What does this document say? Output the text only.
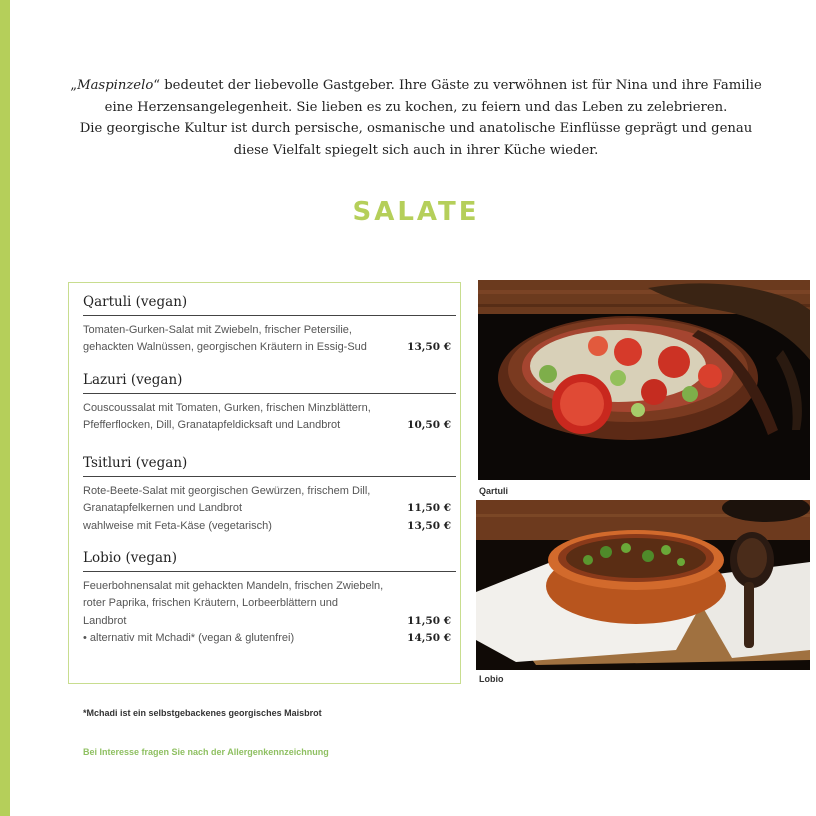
„Maspinzelo“ bedeutet der liebevolle Gastgeber. Ihre Gäste zu verwöhnen ist für Nina und ihre Familie

eine Herzensangelegenheit. Sie lieben es zu kochen, zu feiern und das Leben zu zelebrieren.

Die georgische Kultur ist durch persische, osmanische und anatolische Einflüsse geprägt und genau

diese Vielfalt spiegelt sich auch in ihrer Küche wieder.

SALATE
Qartuli (vegan)
Tomaten-Gurken-Salat mit Zwiebeln, frischer Petersilie,
gehackten Walnüssen, georgischen Kräutern in Essig-Sud	13,50 €
Lazuri (vegan)
Couscoussalat mit Tomaten, Gurken, frischen Minzblättern,
Pfefferflocken, Dill, Granatapfeldicksaft und Landbrot	10,50 €
Tsitluri (vegan)
Rote-Beete-Salat mit georgischen Gewürzen, frischem Dill,
Granatapfelkernen und Landbrot	11,50 €
wahlweise mit Feta-Käse (vegetarisch)	13,50 €
Lobio (vegan)
Feuerbohnensalat mit gehackten Mandeln, frischen Zwiebeln,
roter Paprika, frischen Kräutern, Lorbeerblättern und
Landbrot	11,50 €
• alternativ mit Mchadi* (vegan & glutenfrei)	14,50 €
Qartuli
Lobio
*Mchadi ist ein selbstgebackenes georgisches Maisbrot
Bei Interesse fragen Sie nach der Allergenkennzeichnung
